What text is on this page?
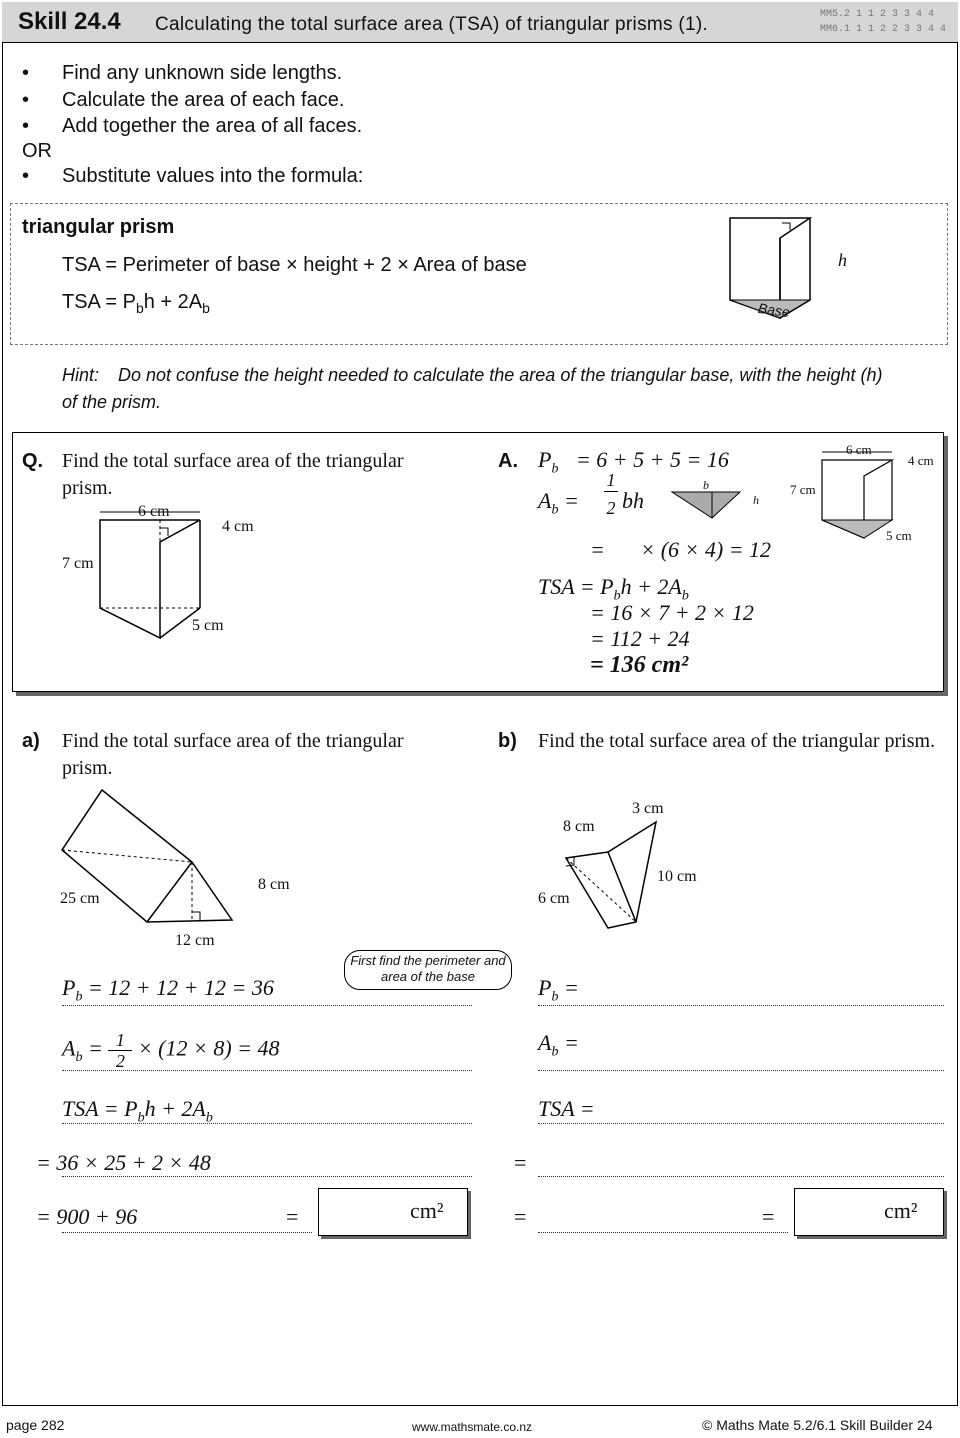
Skill 24.4 Calculating the total surface area (TSA) of triangular prisms (1).	MM5.2 1 1 2 3 3 4 4
MM6.1 1 1 2 2 3 3 4 4
• Find any unknown side lengths.
• Calculate the area of each face.
• Add together the area of all faces.
OR
• Substitute values into the formula:
triangular prism
TSA = Perimeter of base × height + 2 × Area of base
TSA = $P_bh + 2A_b$	Base
h
Hint: Do not confuse the height needed to calculate the area of the triangular base, with the height (h) of the prism.
Q. Find the total surface area of the triangular prism.
6 cm
4 cm
7 cm
5 cm
A. $P_b = 6 + 5 + 5 = 16$
$A_b$ =
1
2 bh
b
h
= × (6 × 4) = 12
TSA = $P_bh + 2A_b$
= 16 × 7 + 2 × 12
= 112 + 24
= 136 cm²
6 cm
4 cm
7 cm
5 cm
a) Find the total surface area of the triangular prism.
25 cm
8 cm
12 cm
First find the perimeter and area of the base
$P_b = 12 + 12 + 12 = 36$
$A_b = \frac{1}{2} \times (12 \times 8) = 48$
TSA = $P_bh + 2A_b$
= 36 × 25 + 2 × 48
= 900 + 96	=	cm²
b) Find the total surface area of the triangular prism.
3 cm
8 cm
10 cm
6 cm
$P_b$ =
$A_b$ =
TSA =
=
=	=	cm²
page 282	www.mathsmate.co.nz	© Maths Mate 5.2/6.1 Skill Builder 24
